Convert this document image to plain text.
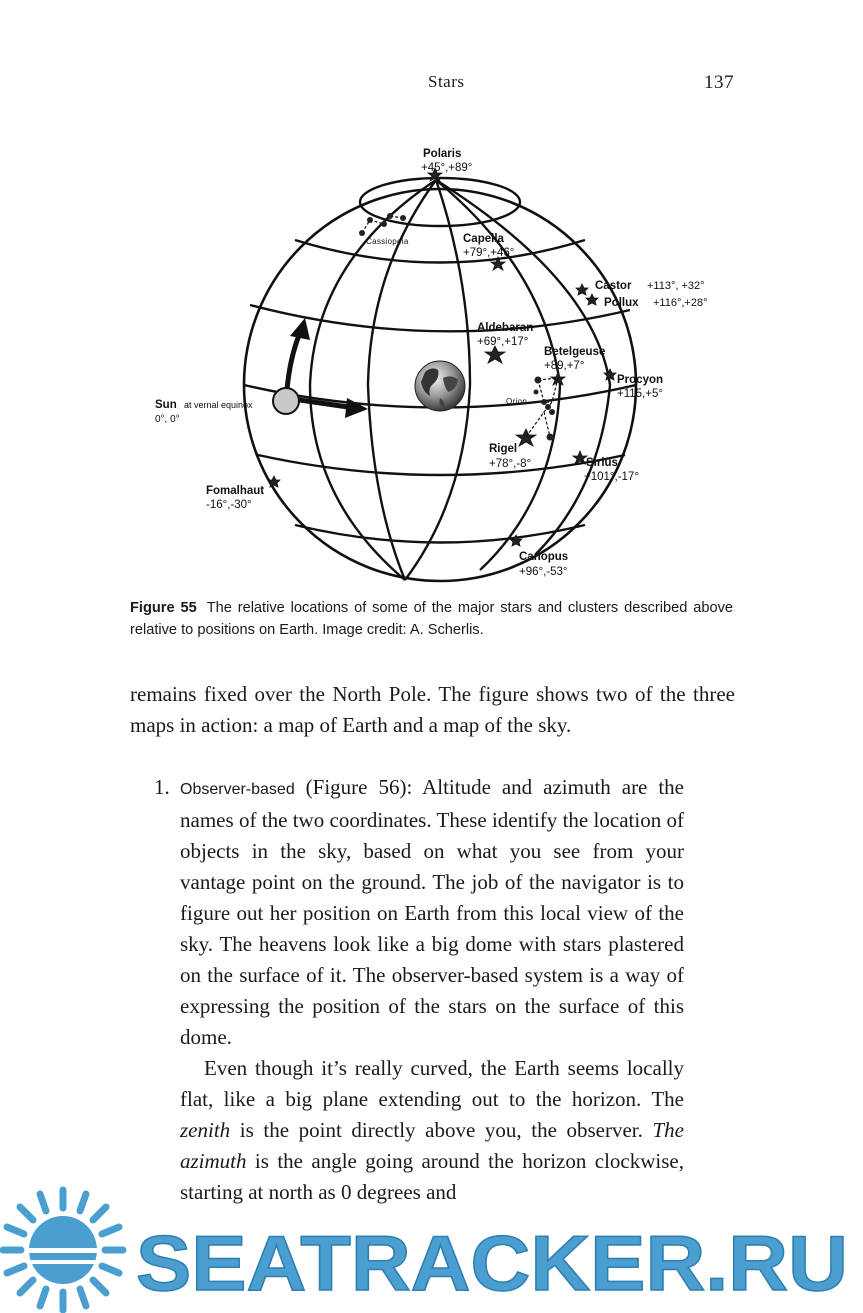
Stars	137
Polaris
+45°,+89°
Cassiopeia	Capella
+79°,+46°
Castor +113°, +32°
Pollux +116°,+28°
Aldebaran
+69°,+17°
Betelgeuse
+89,+7°
Procyon
+115,+5°
Orion
Sun at vernal equinox
0°, 0°
Rigel
+78°,-8°	Sirius
+101°,-17°
Fomalhaut
-16°,-30°
Canopus
+96°,-53°
Figure 55 The relative locations of some of the major stars and clusters described above relative to positions on Earth. Image credit: A. Scherlis.
remains fixed over the North Pole. The figure shows two of the three maps in action: a map of Earth and a map of the sky.
1. Observer-based (Figure 56): Altitude and azimuth are the names of the two coordinates. These identify the location of objects in the sky, based on what you see from your vantage point on the ground. The job of the navigator is to figure out her position on Earth from this local view of the sky. The heavens look like a big dome with stars plastered on the surface of it. The observer-based system is a way of expressing the position of the stars on the surface of this dome.
Even though it’s really curved, the Earth seems locally flat, like a big plane extending out to the horizon. The zenith is the point directly above you, the observer. The azimuth is the angle going around the horizon clockwise, starting at north as 0 degrees and
SEATRACKER.RU
